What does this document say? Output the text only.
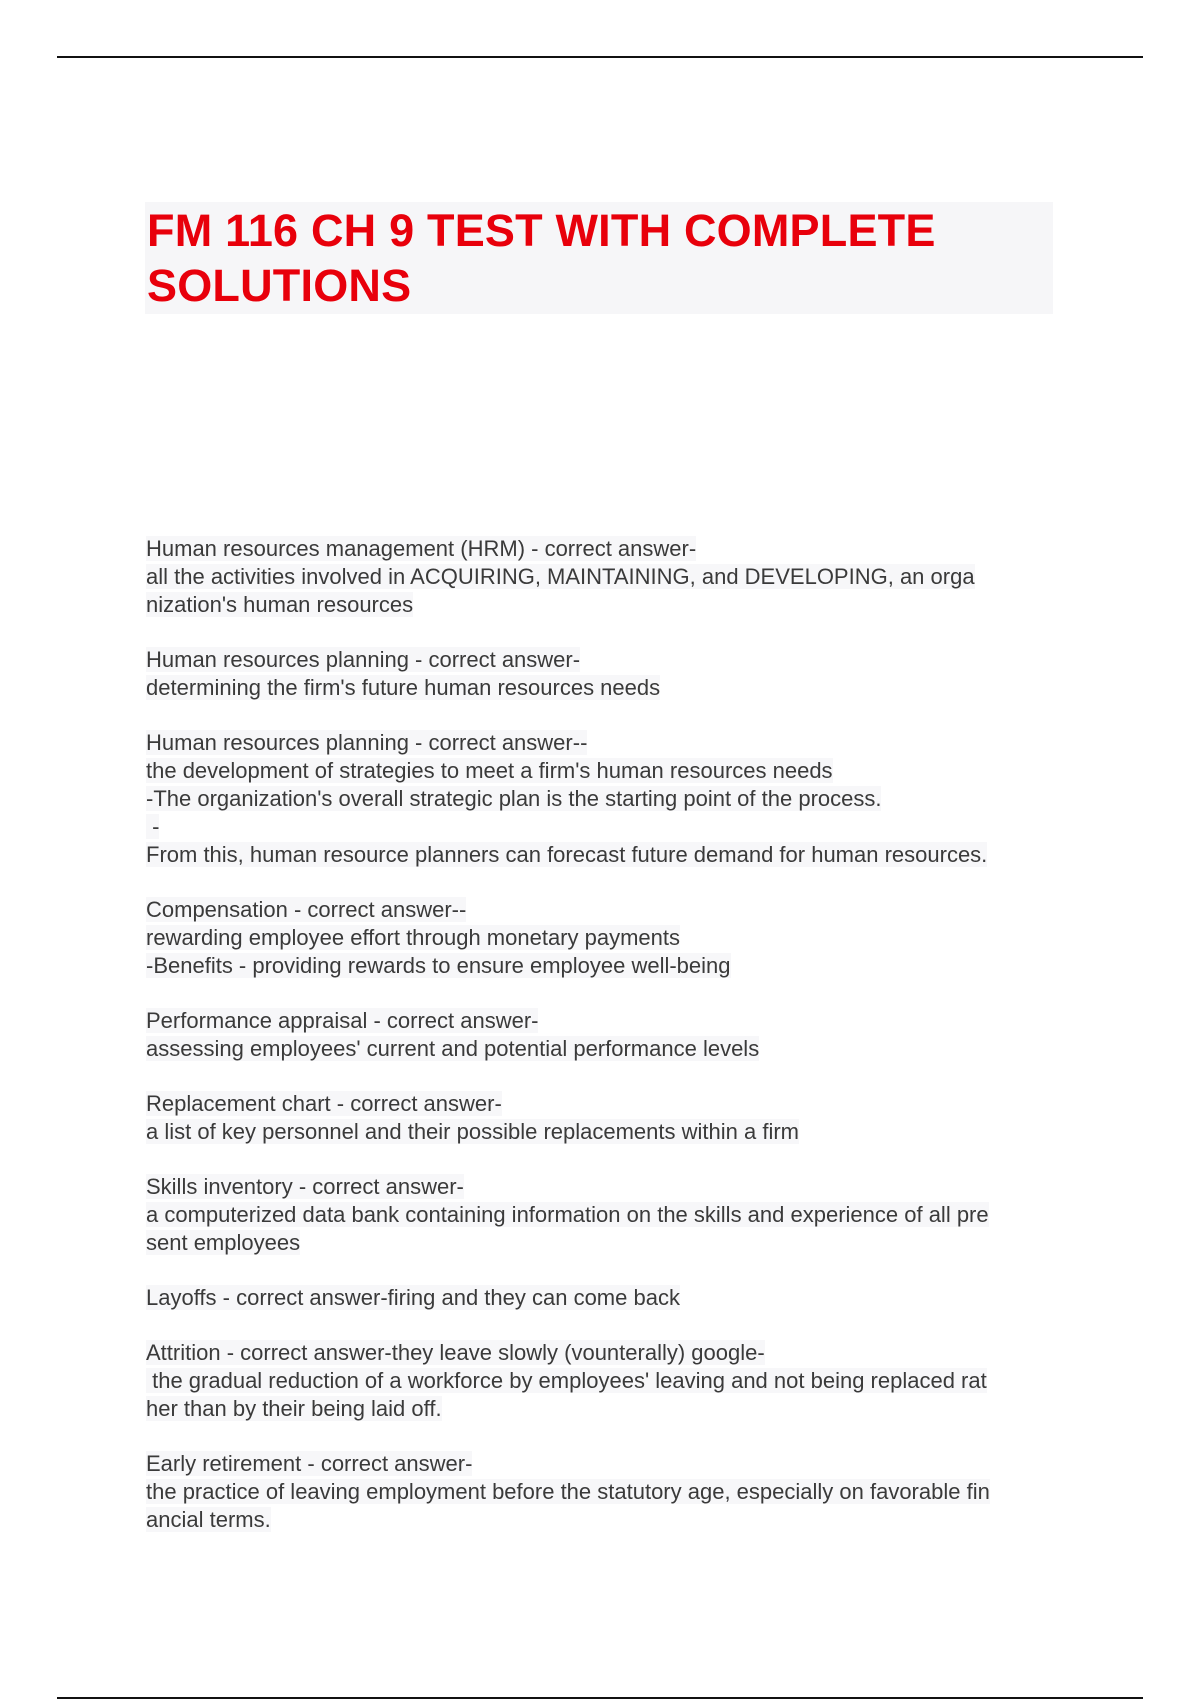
FM 116 CH 9 TEST WITH COMPLETE
SOLUTIONS
Human resources management (HRM) - correct answer-
all the activities involved in ACQUIRING, MAINTAINING, and DEVELOPING, an orga
nization's human resources
Human resources planning - correct answer-
determining the firm's future human resources needs
Human resources planning - correct answer--
the development of strategies to meet a firm's human resources needs
-The organization's overall strategic plan is the starting point of the process.
-
From this, human resource planners can forecast future demand for human resources.
Compensation - correct answer--
rewarding employee effort through monetary payments
-Benefits - providing rewards to ensure employee well-being
Performance appraisal - correct answer-
assessing employees' current and potential performance levels
Replacement chart - correct answer-
a list of key personnel and their possible replacements within a firm
Skills inventory - correct answer-
a computerized data bank containing information on the skills and experience of all pre
sent employees
Layoffs - correct answer-firing and they can come back
Attrition - correct answer-they leave slowly (vounterally) google-
the gradual reduction of a workforce by employees' leaving and not being replaced rat
her than by their being laid off.
Early retirement - correct answer-
the practice of leaving employment before the statutory age, especially on favorable fin
ancial terms.
